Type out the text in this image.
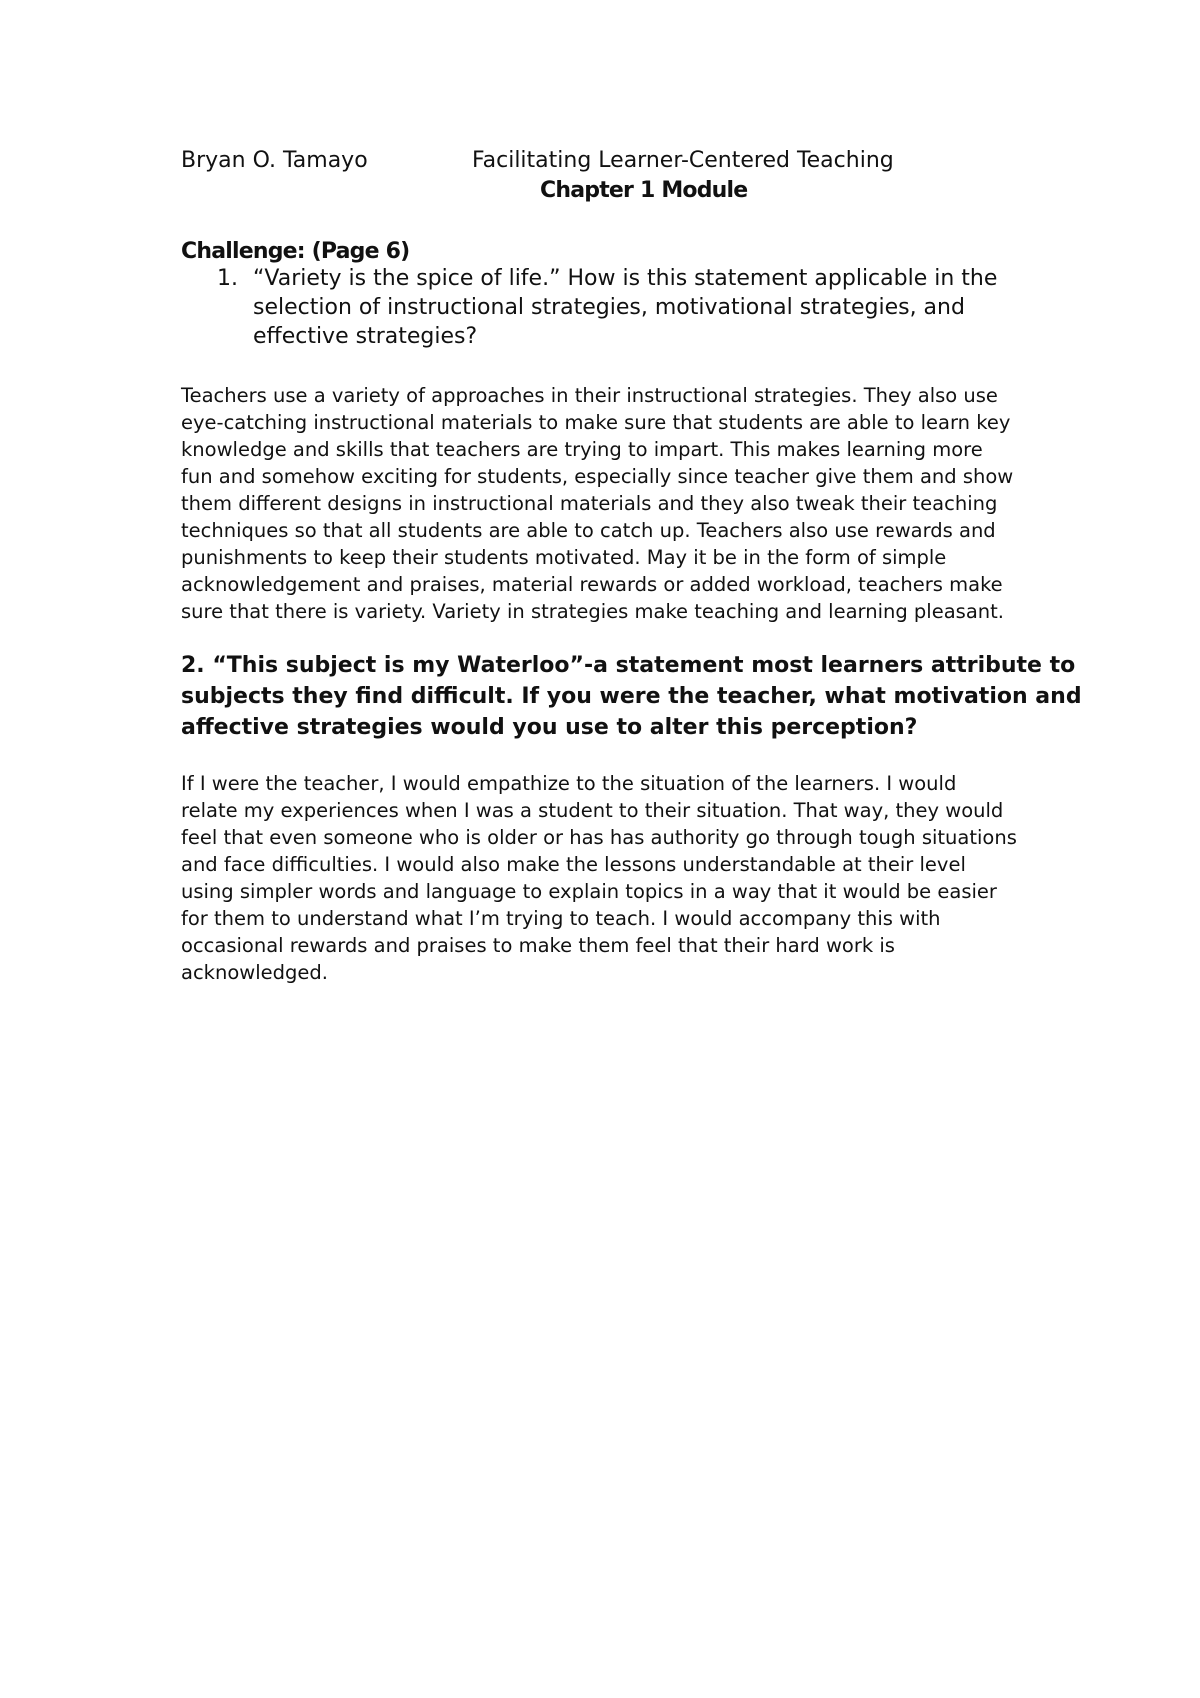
Bryan O. Tamayo	Facilitating Learner-Centered Teaching
Chapter 1 Module
Challenge: (Page 6)
1. “Variety is the spice of life.” How is this statement applicable in the
selection of instructional strategies, motivational strategies, and
effective strategies?
Teachers use a variety of approaches in their instructional strategies. They also use
eye-catching instructional materials to make sure that students are able to learn key
knowledge and skills that teachers are trying to impart. This makes learning more
fun and somehow exciting for students, especially since teacher give them and show
them different designs in instructional materials and they also tweak their teaching
techniques so that all students are able to catch up. Teachers also use rewards and
punishments to keep their students motivated. May it be in the form of simple
acknowledgement and praises, material rewards or added workload, teachers make
sure that there is variety. Variety in strategies make teaching and learning pleasant.
2. “This subject is my Waterloo”-a statement most learners attribute to
subjects they find difficult. If you were the teacher, what motivation and
affective strategies would you use to alter this perception?
If I were the teacher, I would empathize to the situation of the learners. I would
relate my experiences when I was a student to their situation. That way, they would
feel that even someone who is older or has has authority go through tough situations
and face difficulties. I would also make the lessons understandable at their level
using simpler words and language to explain topics in a way that it would be easier
for them to understand what I’m trying to teach. I would accompany this with
occasional rewards and praises to make them feel that their hard work is
acknowledged.
